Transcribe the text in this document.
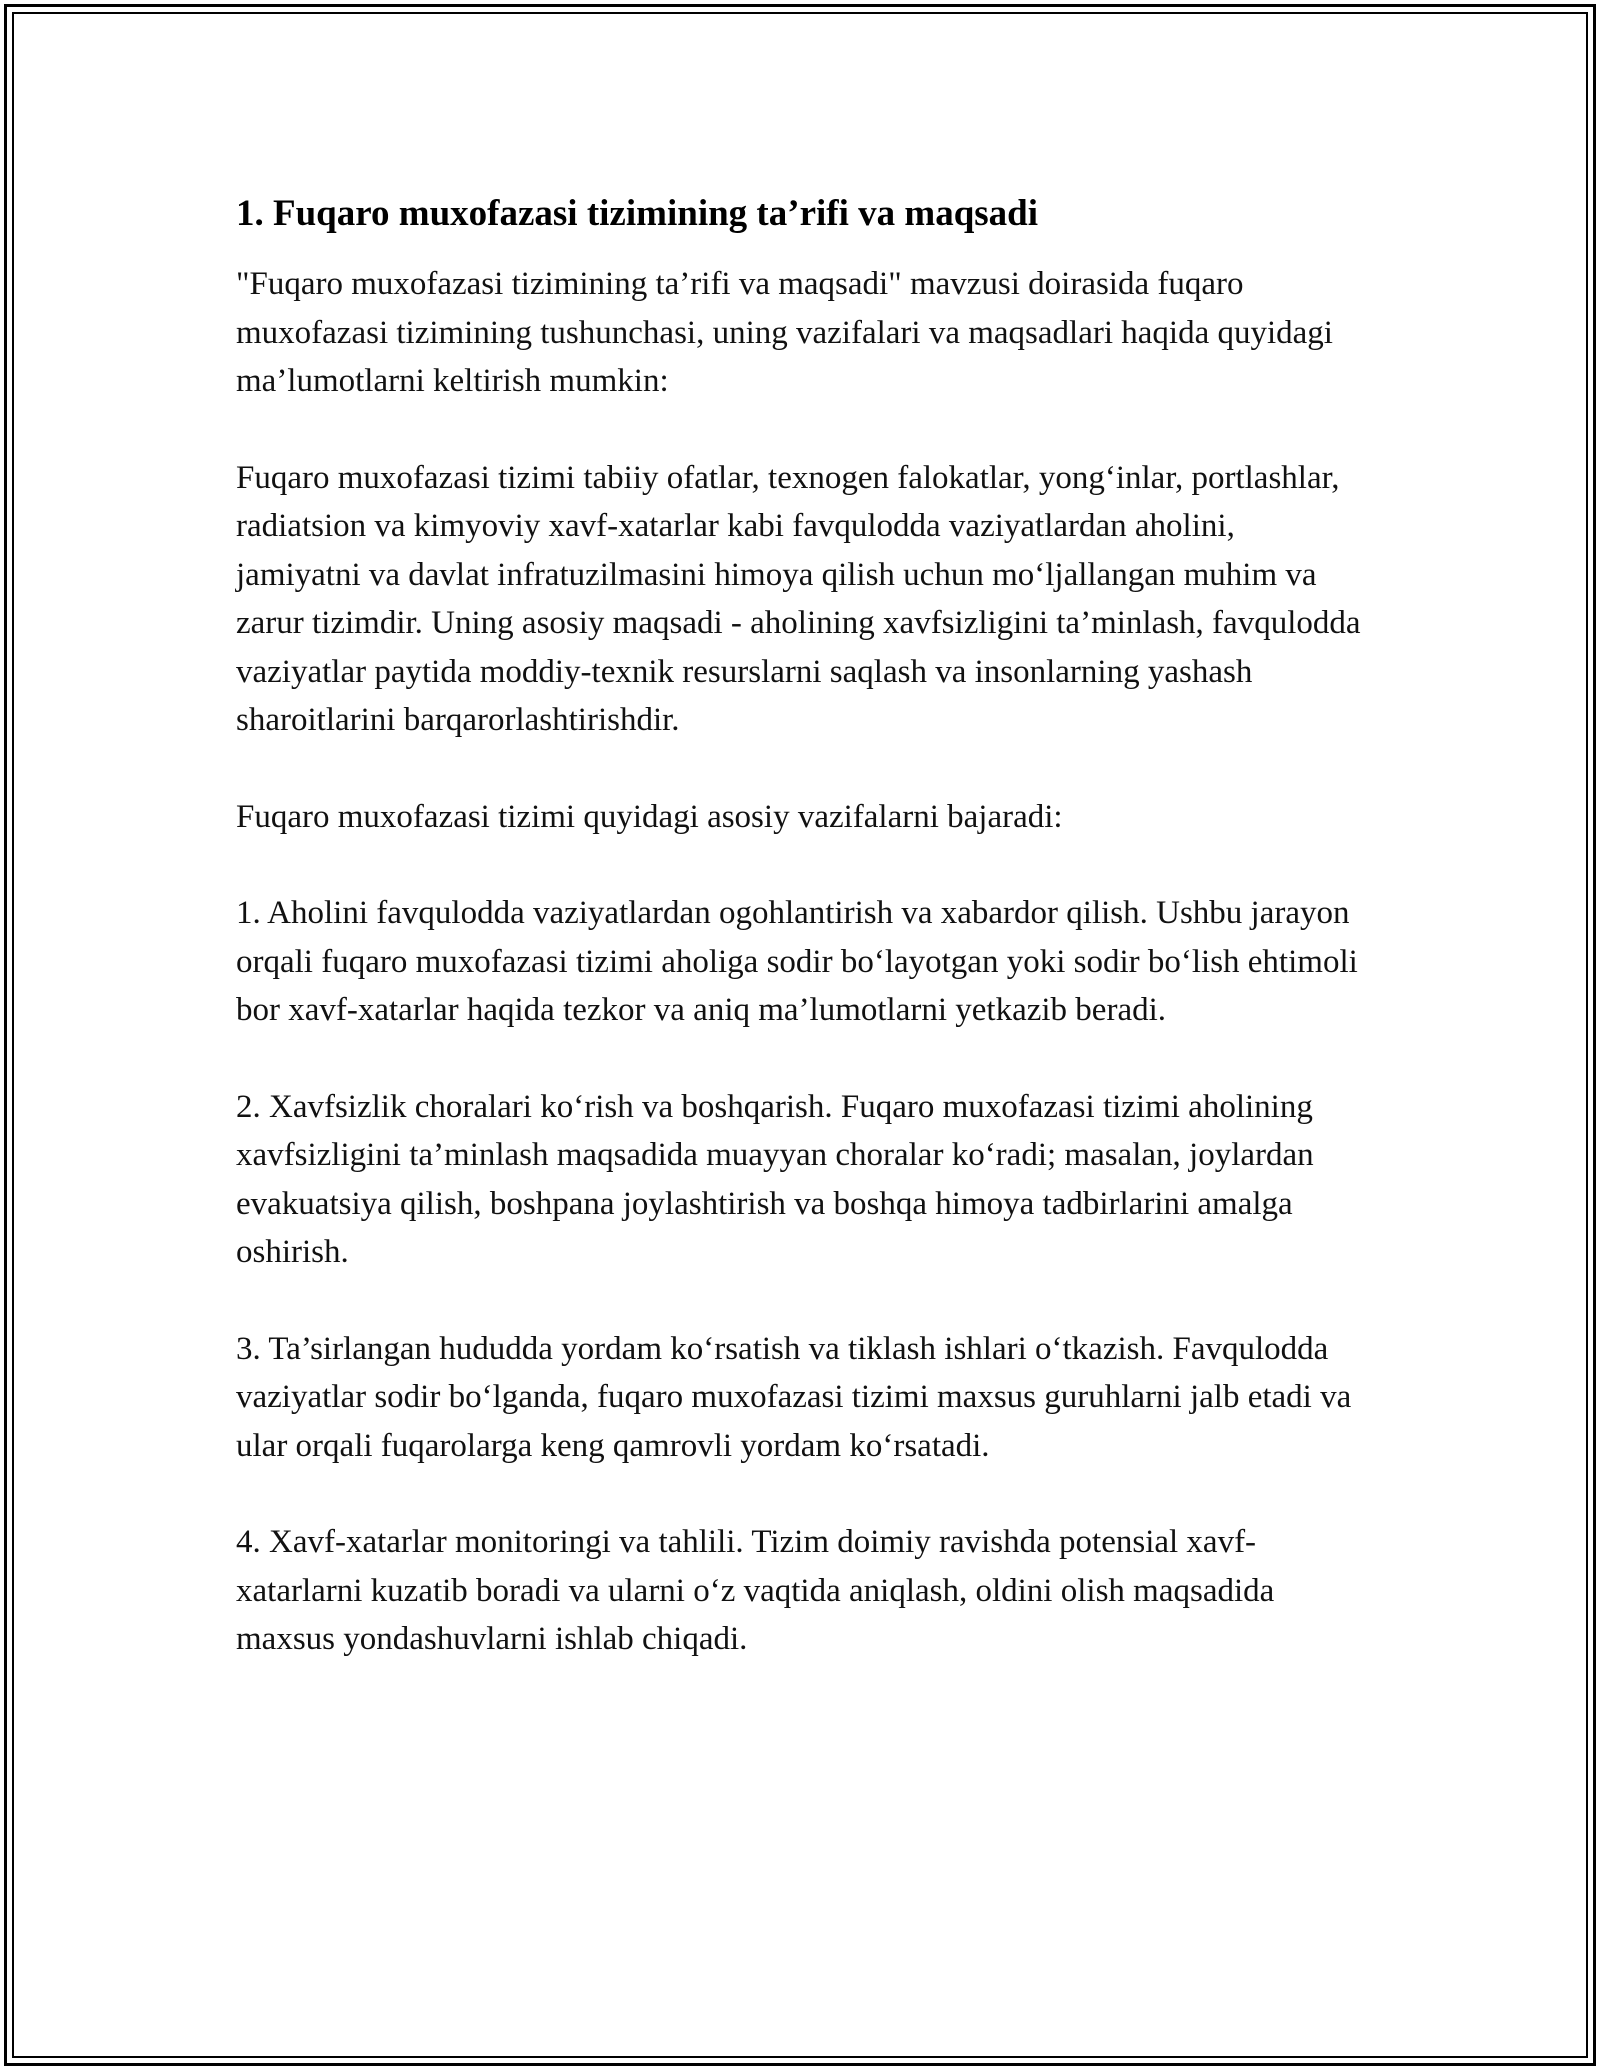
1. Fuqaro muxofazasi tizimining ta’rifi va maqsadi

"Fuqaro muxofazasi tizimining ta’rifi va maqsadi" mavzusi doirasida fuqaro muxofazasi tizimining tushunchasi, uning vazifalari va maqsadlari haqida quyidagi ma’lumotlarni keltirish mumkin:

Fuqaro muxofazasi tizimi tabiiy ofatlar, texnogen falokatlar, yong‘inlar, portlashlar, radiatsion va kimyoviy xavf-xatarlar kabi favqulodda vaziyatlardan aholini, jamiyatni va davlat infratuzilmasini himoya qilish uchun mo‘ljallangan muhim va zarur tizimdir. Uning asosiy maqsadi - aholining xavfsizligini ta’minlash, favqulodda vaziyatlar paytida moddiy-texnik resurslarni saqlash va insonlarning yashash sharoitlarini barqarorlashtirishdir.

Fuqaro muxofazasi tizimi quyidagi asosiy vazifalarni bajaradi:

1. Aholini favqulodda vaziyatlardan ogohlantirish va xabardor qilish. Ushbu jarayon orqali fuqaro muxofazasi tizimi aholiga sodir bo‘layotgan yoki sodir bo‘lish ehtimoli bor xavf-xatarlar haqida tezkor va aniq ma’lumotlarni yetkazib beradi.

2. Xavfsizlik choralari ko‘rish va boshqarish. Fuqaro muxofazasi tizimi aholining xavfsizligini ta’minlash maqsadida muayyan choralar ko‘radi; masalan, joylardan evakuatsiya qilish, boshpana joylashtirish va boshqa himoya tadbirlarini amalga oshirish.

3. Ta’sirlangan hududda yordam ko‘rsatish va tiklash ishlari o‘tkazish. Favqulodda vaziyatlar sodir bo‘lganda, fuqaro muxofazasi tizimi maxsus guruhlarni jalb etadi va ular orqali fuqarolarga keng qamrovli yordam ko‘rsatadi.

4. Xavf-xatarlar monitoringi va tahlili. Tizim doimiy ravishda potensial xavf-xatarlarni kuzatib boradi va ularni o‘z vaqtida aniqlash, oldini olish maqsadida maxsus yondashuvlarni ishlab chiqadi.
